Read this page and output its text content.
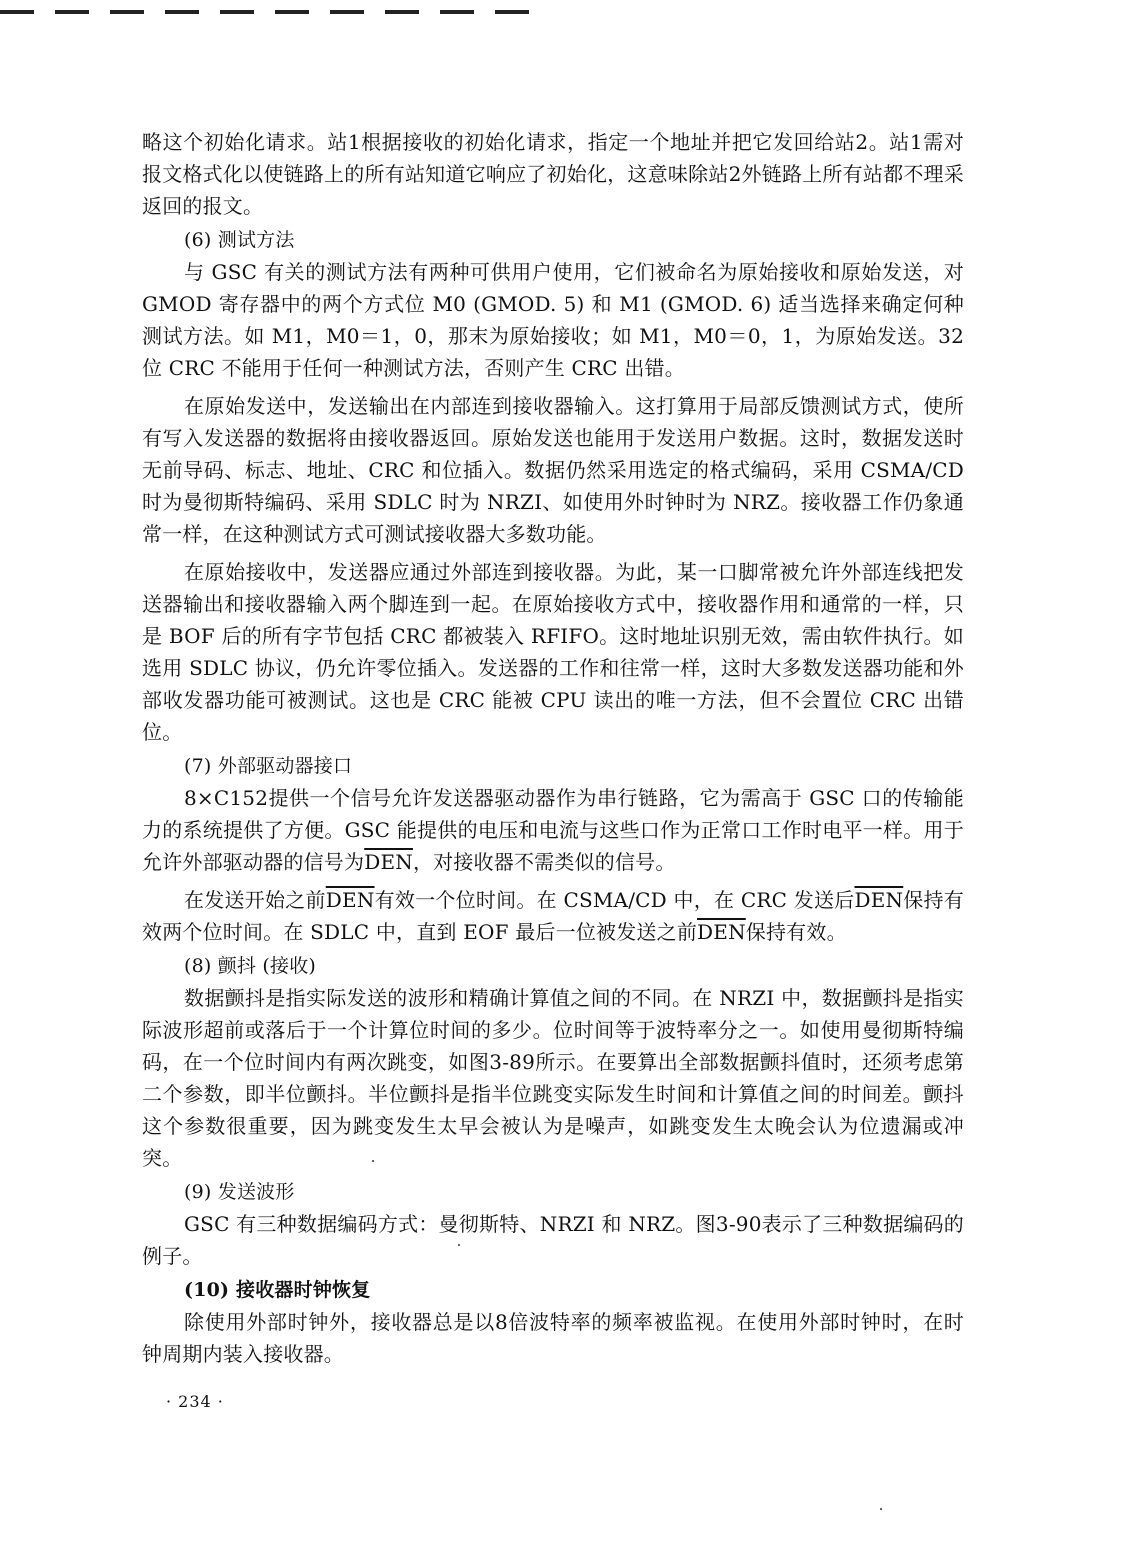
略这个初始化请求。站1根据接收的初始化请求，指定一个地址并把它发回给站2。站1需对报文格式化以使链路上的所有站知道它响应了初始化，这意味除站2外链路上所有站都不理采返回的报文。

(6) 测试方法

与 GSC 有关的测试方法有两种可供用户使用，它们被命名为原始接收和原始发送，对 GMOD 寄存器中的两个方式位 M0 (GMOD. 5) 和 M1 (GMOD. 6) 适当选择来确定何种测试方法。如 M1，M0＝1，0，那末为原始接收；如 M1，M0＝0，1，为原始发送。32 位 CRC 不能用于任何一种测试方法，否则产生 CRC 出错。

在原始发送中，发送输出在内部连到接收器输入。这打算用于局部反馈测试方式，使所有写入发送器的数据将由接收器返回。原始发送也能用于发送用户数据。这时，数据发送时无前导码、标志、地址、CRC 和位插入。数据仍然采用选定的格式编码，采用 CSMA/CD 时为曼彻斯特编码、采用 SDLC 时为 NRZI、如使用外时钟时为 NRZ。接收器工作仍象通常一样，在这种测试方式可测试接收器大多数功能。

在原始接收中，发送器应通过外部连到接收器。为此，某一口脚常被允许外部连线把发送器输出和接收器输入两个脚连到一起。在原始接收方式中，接收器作用和通常的一样，只是 BOF 后的所有字节包括 CRC 都被装入 RFIFO。这时地址识别无效，需由软件执行。如选用 SDLC 协议，仍允许零位插入。发送器的工作和往常一样，这时大多数发送器功能和外部收发器功能可被测试。这也是 CRC 能被 CPU 读出的唯一方法，但不会置位 CRC 出错位。

(7) 外部驱动器接口

8×C152提供一个信号允许发送器驱动器作为串行链路，它为需高于 GSC 口的传输能力的系统提供了方便。GSC 能提供的电压和电流与这些口作为正常口工作时电平一样。用于允许外部驱动器的信号为$\overline{DEN}$，对接收器不需类似的信号。

在发送开始之前$\overline{DEN}$有效一个位时间。在 CSMA/CD 中，在 CRC 发送后$\overline{DEN}$保持有效两个位时间。在 SDLC 中，直到 EOF 最后一位被发送之前$\overline{DEN}$保持有效。

(8) 颤抖 (接收)

数据颤抖是指实际发送的波形和精确计算值之间的不同。在 NRZI 中，数据颤抖是指实际波形超前或落后于一个计算位时间的多少。位时间等于波特率分之一。如使用曼彻斯特编码，在一个位时间内有两次跳变，如图3-89所示。在要算出全部数据颤抖值时，还须考虑第二个参数，即半位颤抖。半位颤抖是指半位跳变实际发生时间和计算值之间的时间差。颤抖这个参数很重要，因为跳变发生太早会被认为是噪声，如跳变发生太晚会认为位遗漏或冲突。

(9) 发送波形

GSC 有三种数据编码方式：曼彻斯特、NRZI 和 NRZ。图3-90表示了三种数据编码的例子。

(10) 接收器时钟恢复

除使用外部时钟外，接收器总是以8倍波特率的频率被监视。在使用外部时钟时，在时钟周期内装入接收器。

· 234 ·
